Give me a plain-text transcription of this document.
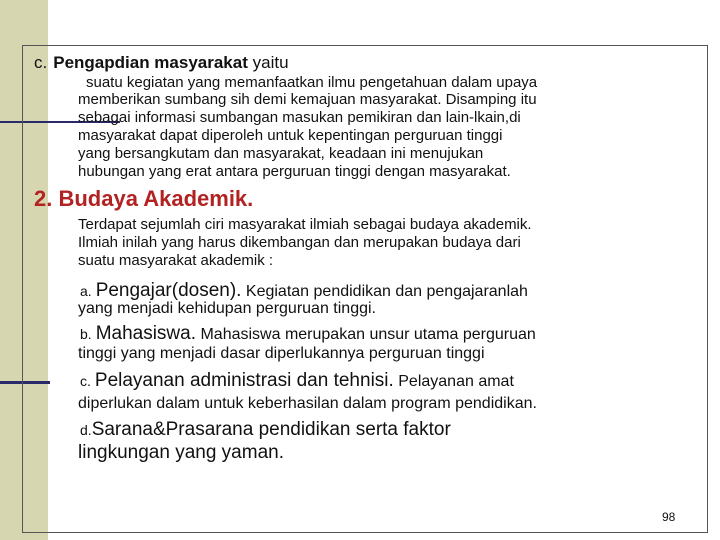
c. Pengapdian masyarakat yaitu
suatu kegiatan yang memanfaatkan ilmu pengetahuan dalam upaya
memberikan sumbang sih demi kemajuan masyarakat. Disamping itu
sebagai informasi sumbangan masukan pemikiran dan lain-lkain,di
masyarakat dapat diperoleh untuk kepentingan perguruan tinggi
yang bersangkutam dan masyarakat, keadaan ini menujukan
hubungan yang erat antara perguruan tinggi dengan masyarakat.
2. Budaya Akademik.
Terdapat sejumlah ciri masyarakat ilmiah sebagai budaya akademik.
Ilmiah inilah yang harus dikembangan dan merupakan budaya dari
suatu masyarakat akademik :
a. Pengajar(dosen). Kegiatan pendidikan dan pengajaranlah
yang menjadi kehidupan perguruan tinggi.
b. Mahasiswa. Mahasiswa merupakan unsur utama perguruan
tinggi yang menjadi dasar diperlukannya perguruan tinggi
c. Pelayanan administrasi dan tehnisi. Pelayanan amat
diperlukan dalam untuk keberhasilan dalam program pendidikan.
d.Sarana&Prasarana pendidikan serta faktor
lingkungan yang yaman.
98
